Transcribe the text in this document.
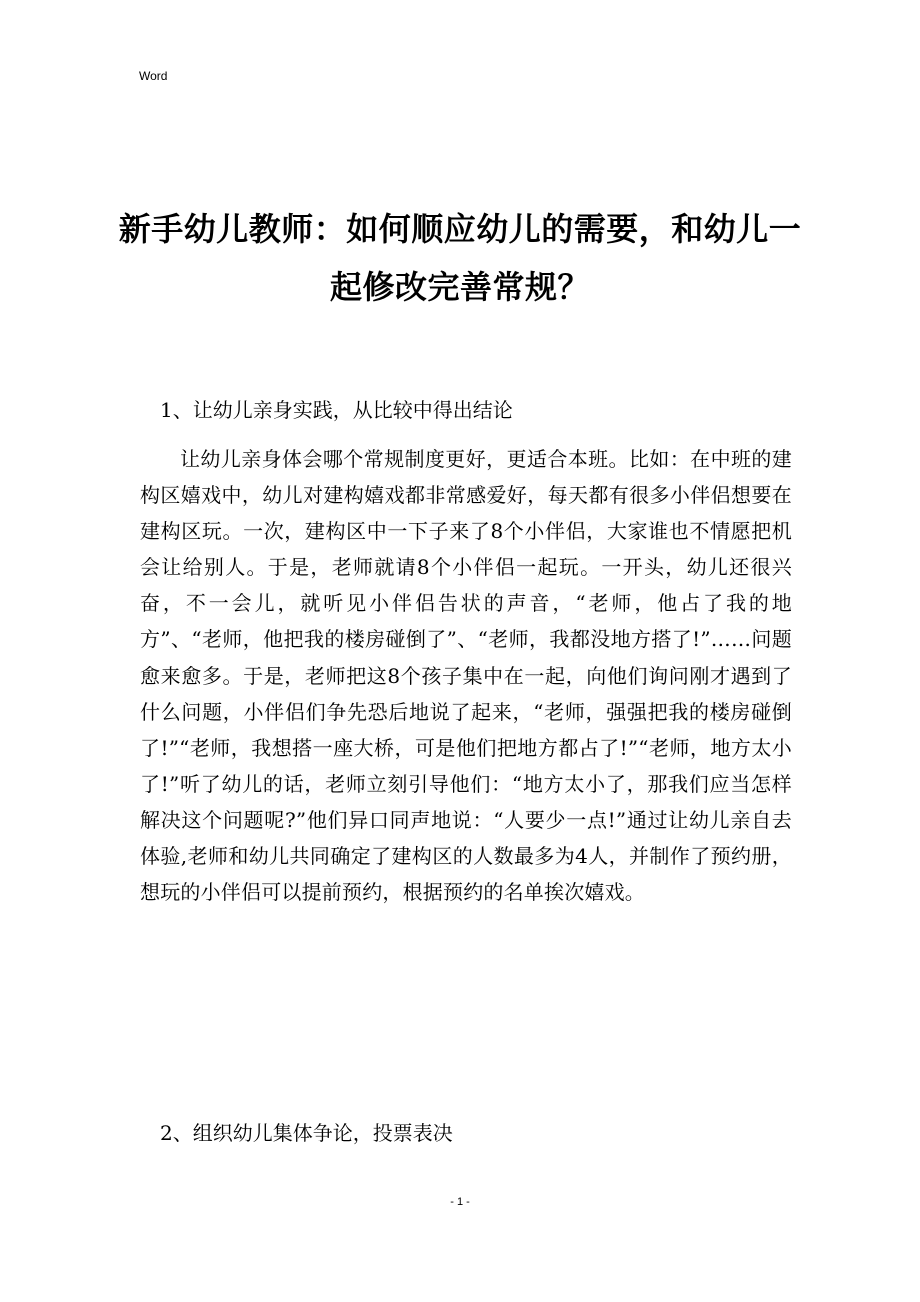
Word
新手幼儿教师：如何顺应幼儿的需要，和幼儿一起修改完善常规？

1、让幼儿亲身实践，从比较中得出结论

让幼儿亲身体会哪个常规制度更好，更适合本班。比如：在中班的建构区嬉戏中，幼儿对建构嬉戏都非常感爱好，每天都有很多小伴侣想要在建构区玩。一次，建构区中一下子来了8个小伴侣，大家谁也不情愿把机会让给别人。于是，老师就请8个小伴侣一起玩。一开头，幼儿还很兴奋，不一会儿，就听见小伴侣告状的声音，“老师，他占了我的地方”、“老师，他把我的楼房碰倒了”、“老师，我都没地方搭了!”……问题愈来愈多。于是，老师把这8个孩子集中在一起，向他们询问刚才遇到了什么问题，小伴侣们争先恐后地说了起来，“老师，强强把我的楼房碰倒了!”“老师，我想搭一座大桥，可是他们把地方都占了!”“老师，地方太小了!”听了幼儿的话，老师立刻引导他们：“地方太小了，那我们应当怎样解决这个问题呢?”他们异口同声地说：“人要少一点!”通过让幼儿亲自去体验,老师和幼儿共同确定了建构区的人数最多为4人，并制作了预约册，想玩的小伴侣可以提前预约，根据预约的名单挨次嬉戏。

2、组织幼儿集体争论，投票表决

- 1 -
